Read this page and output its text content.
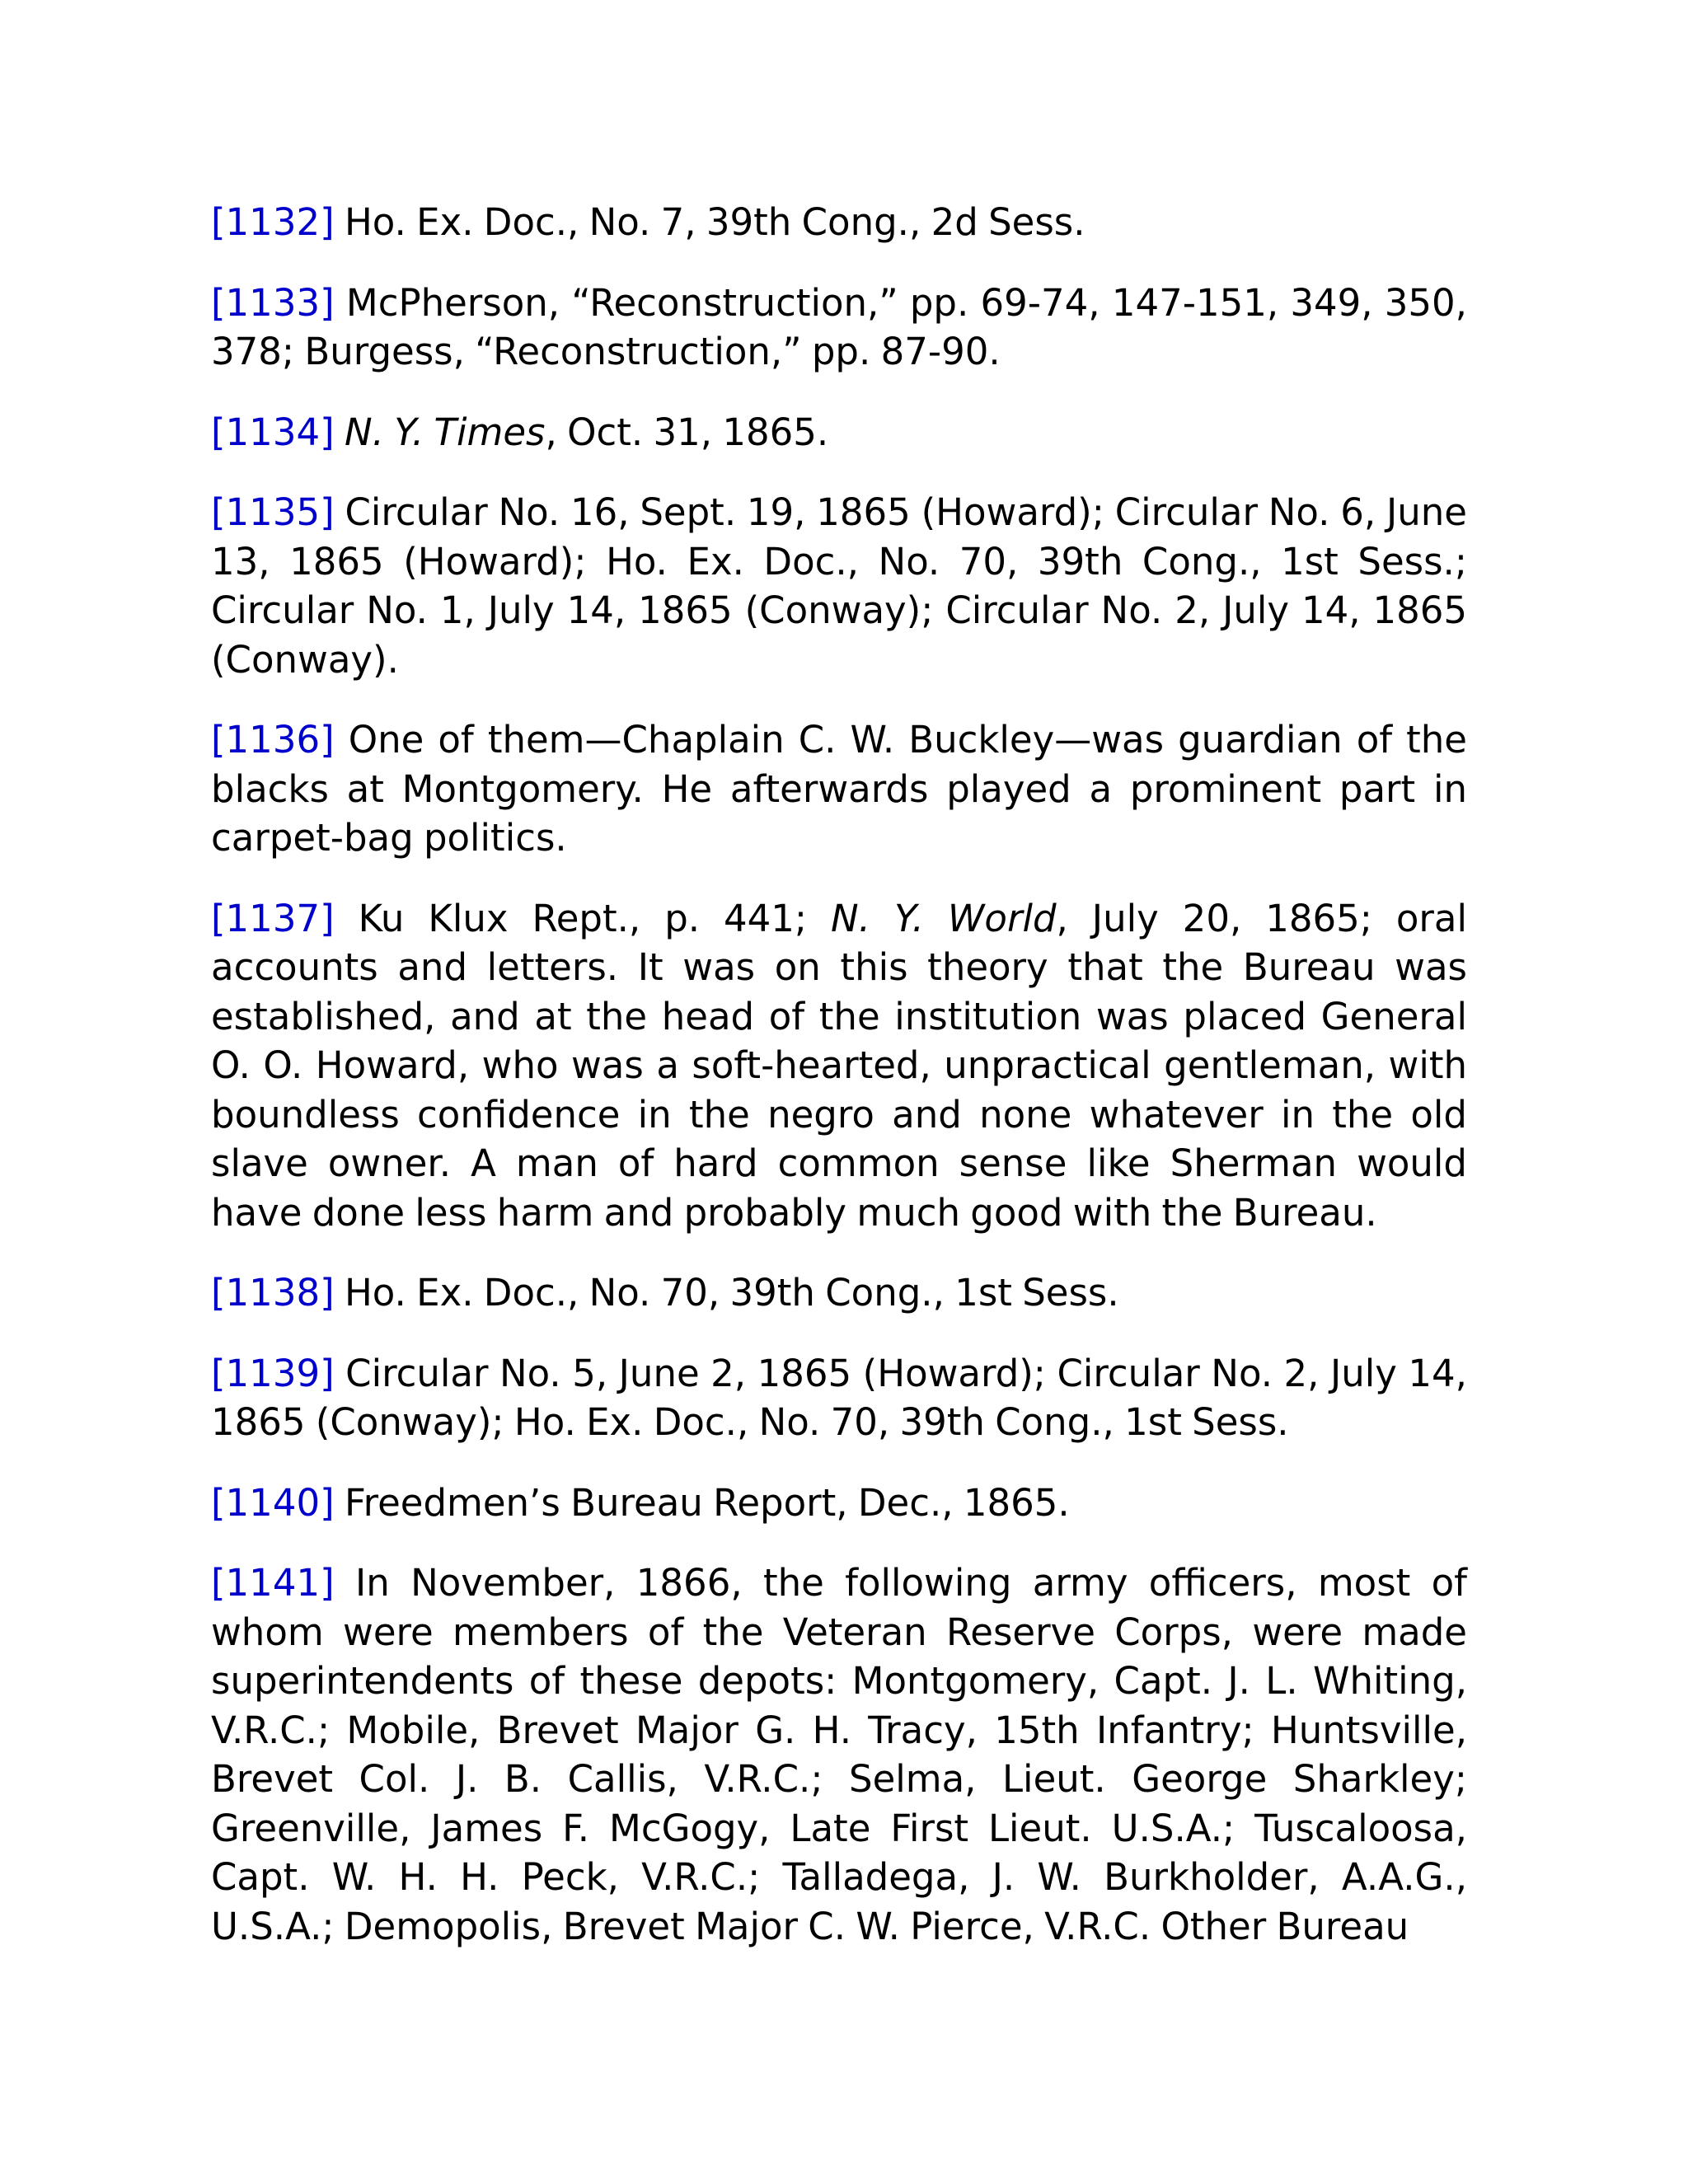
[1132] Ho. Ex. Doc., No. 7, 39th Cong., 2d Sess.

[1133] McPherson, “Reconstruction,” pp. 69-74, 147-151, 349, 350, 378; Burgess, “Reconstruction,” pp. 87-90.

[1134] N. Y. Times, Oct. 31, 1865.

[1135] Circular No. 16, Sept. 19, 1865 (Howard); Circular No. 6, June 13, 1865 (Howard); Ho. Ex. Doc., No. 70, 39th Cong., 1st Sess.; Circular No. 1, July 14, 1865 (Conway); Circular No. 2, July 14, 1865 (Conway).

[1136] One of them—Chaplain C. W. Buckley—was guardian of the blacks at Montgomery. He afterwards played a prominent part in carpet-bag politics.

[1137] Ku Klux Rept., p. 441; N. Y. World, July 20, 1865; oral accounts and letters. It was on this theory that the Bureau was established, and at the head of the institution was placed General O. O. Howard, who was a soft-hearted, unpractical gentleman, with boundless confidence in the negro and none whatever in the old slave owner. A man of hard common sense like Sherman would have done less harm and probably much good with the Bureau.

[1138] Ho. Ex. Doc., No. 70, 39th Cong., 1st Sess.

[1139] Circular No. 5, June 2, 1865 (Howard); Circular No. 2, July 14, 1865 (Conway); Ho. Ex. Doc., No. 70, 39th Cong., 1st Sess.

[1140] Freedmen’s Bureau Report, Dec., 1865.

[1141] In November, 1866, the following army officers, most of whom were members of the Veteran Reserve Corps, were made superintendents of these depots: Montgomery, Capt. J. L. Whiting, V.R.C.; Mobile, Brevet Major G. H. Tracy, 15th Infantry; Huntsville, Brevet Col. J. B. Callis, V.R.C.; Selma, Lieut. George Sharkley; Greenville, James F. McGogy, Late First Lieut. U.S.A.; Tuscaloosa, Capt. W. H. H. Peck, V.R.C.; Talladega, J. W. Burkholder, A.A.G., U.S.A.; Demopolis, Brevet Major C. W. Pierce, V.R.C. Other Bureau
